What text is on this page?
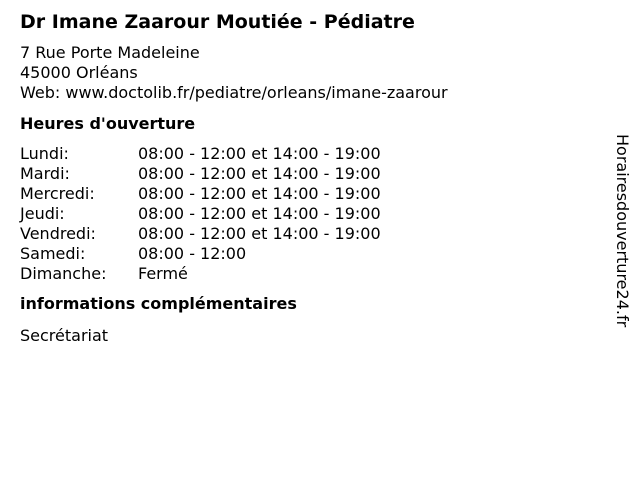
Dr Imane Zaarour Moutiée - Pédiatre
7 Rue Porte Madeleine
45000 Orléans
Web: www.doctolib.fr/pediatre/orleans/imane-zaarour
Heures d'ouverture
Lundi:	08:00 - 12:00 et 14:00 - 19:00
Mardi:	08:00 - 12:00 et 14:00 - 19:00
Mercredi:	08:00 - 12:00 et 14:00 - 19:00
Jeudi:	08:00 - 12:00 et 14:00 - 19:00
Vendredi:	08:00 - 12:00 et 14:00 - 19:00
Samedi:	08:00 - 12:00
Dimanche:	Fermé
informations complémentaires
Secrétariat
Horairesdouverture24.fr
